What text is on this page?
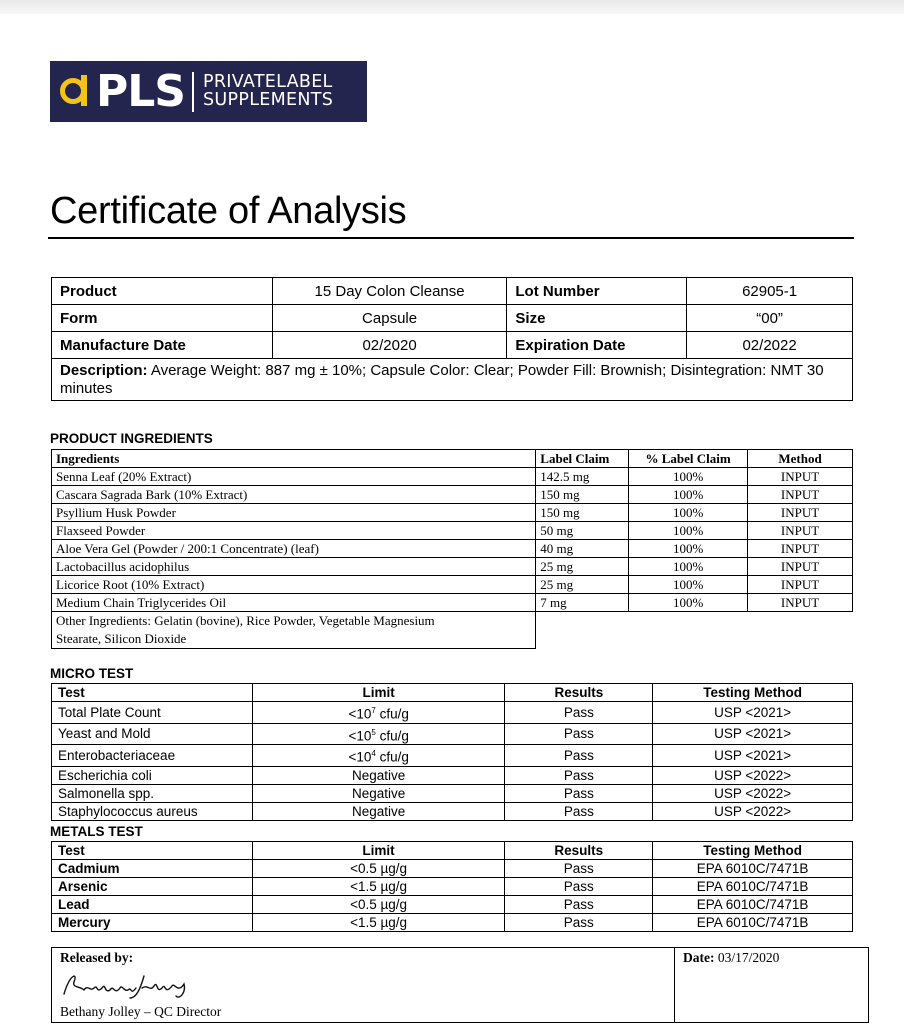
PLS PRIVATELABEL
SUPPLEMENTS
Certificate of Analysis
Product	15 Day Colon Cleanse	Lot Number	62905-1
Form	Capsule	Size	“00”
Manufacture Date	02/2020	Expiration Date	02/2022
Description: Average Weight: 887 mg ± 10%; Capsule Color: Clear; Powder Fill: Brownish; Disintegration: NMT 30 minutes			

PRODUCT INGREDIENTS

Ingredients	Label Claim	% Label Claim	Method
Senna Leaf (20% Extract)	142.5 mg	100%	INPUT
Cascara Sagrada Bark (10% Extract)	150 mg	100%	INPUT
Psyllium Husk Powder	150 mg	100%	INPUT
Flaxseed Powder	50 mg	100%	INPUT
Aloe Vera Gel (Powder / 200:1 Concentrate) (leaf)	40 mg	100%	INPUT
Lactobacillus acidophilus	25 mg	100%	INPUT
Licorice Root (10% Extract)	25 mg	100%	INPUT
Medium Chain Triglycerides Oil	7 mg	100%	INPUT
Other Ingredients: Gelatin (bovine), Rice Powder, Vegetable Magnesium
Stearate, Silicon Dioxide			

MICRO TEST

Test	Limit	Results	Testing Method
Total Plate Count	$<10^7$ cfu/g	Pass	USP <2021>
Yeast and Mold	$<10^5$ cfu/g	Pass	USP <2021>
Enterobacteriaceae	$<10^4$ cfu/g	Pass	USP <2021>
Escherichia coli	Negative	Pass	USP <2022>
Salmonella spp.	Negative	Pass	USP <2022>
Staphylococcus aureus	Negative	Pass	USP <2022>

METALS TEST

Test	Limit	Results	Testing Method
Cadmium	<0.5 µg/g	Pass	EPA 6010C/7471B
Arsenic	<1.5 µg/g	Pass	EPA 6010C/7471B
Lead	<0.5 µg/g	Pass	EPA 6010C/7471B
Mercury	<1.5 µg/g	Pass	EPA 6010C/7471B
Released by:
Bethany Jolley – QC Director
	Date: 03/17/2020
